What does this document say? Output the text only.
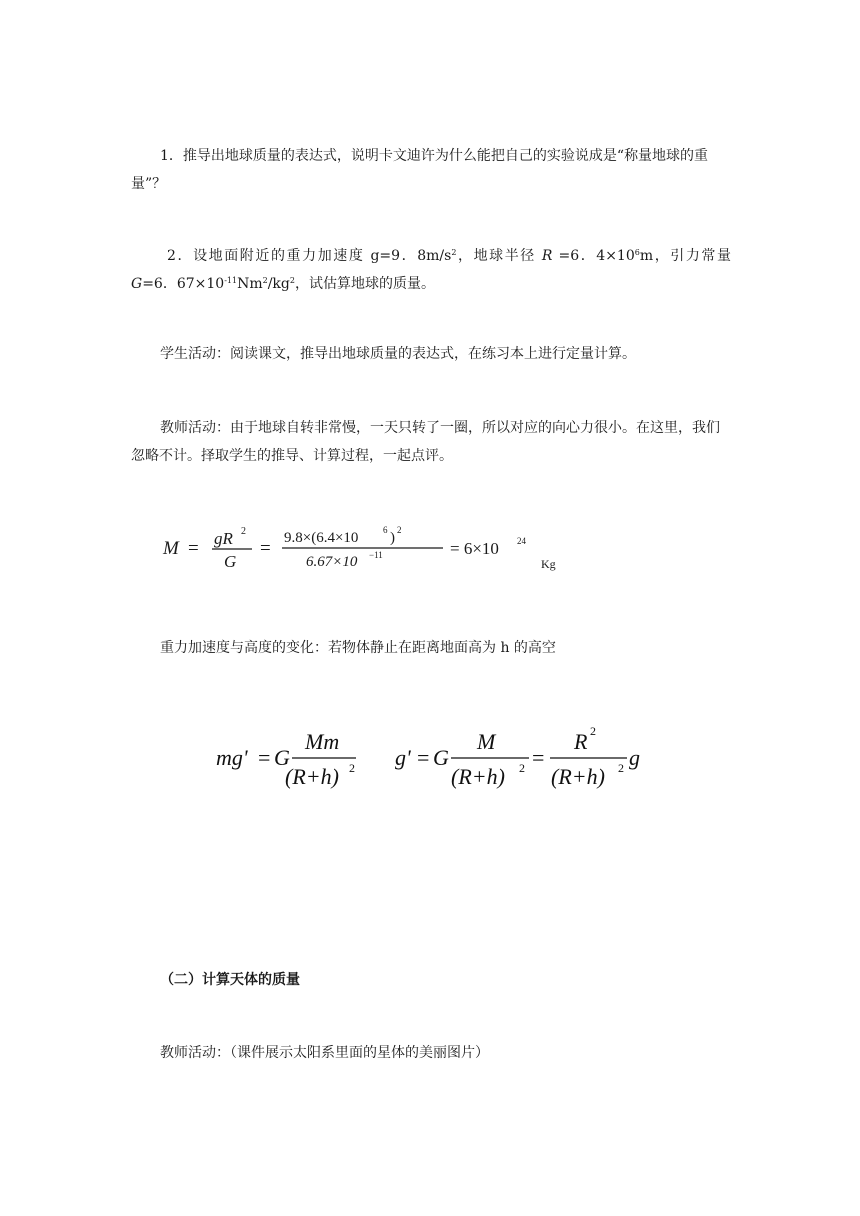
1．推导出地球质量的表达式，说明卡文迪许为什么能把自己的实验说成是“称量地球的重量”？
2．设地面附近的重力加速度 g=9．$8m/s^2$，地球半径 R =6．$4\times 10^6m$，引力常量 G=6．$67\times 10^{-11}Nm^2/kg^2$，试估算地球的质量。
学生活动：阅读课文，推导出地球质量的表达式，在练习本上进行定量计算。
教师活动：由于地球自转非常慢，一天只转了一圈，所以对应的向心力很小。在这里，我们忽略不计。择取学生的推导、计算过程，一起点评。
M = gR 2
G
= 9.8×(6.4×10	6 ) 2
6.67×10 −11	= 6×10 24
Kg
重力加速度与高度的变化：若物体静止在距离地面高为 h 的高空
mg' = G
Mm
(R+h) 2 g' = G
M
(R+h) 2 =
R 2
(R+h) 2 g
（二）计算天体的质量
教师活动：（课件展示太阳系里面的星体的美丽图片）
